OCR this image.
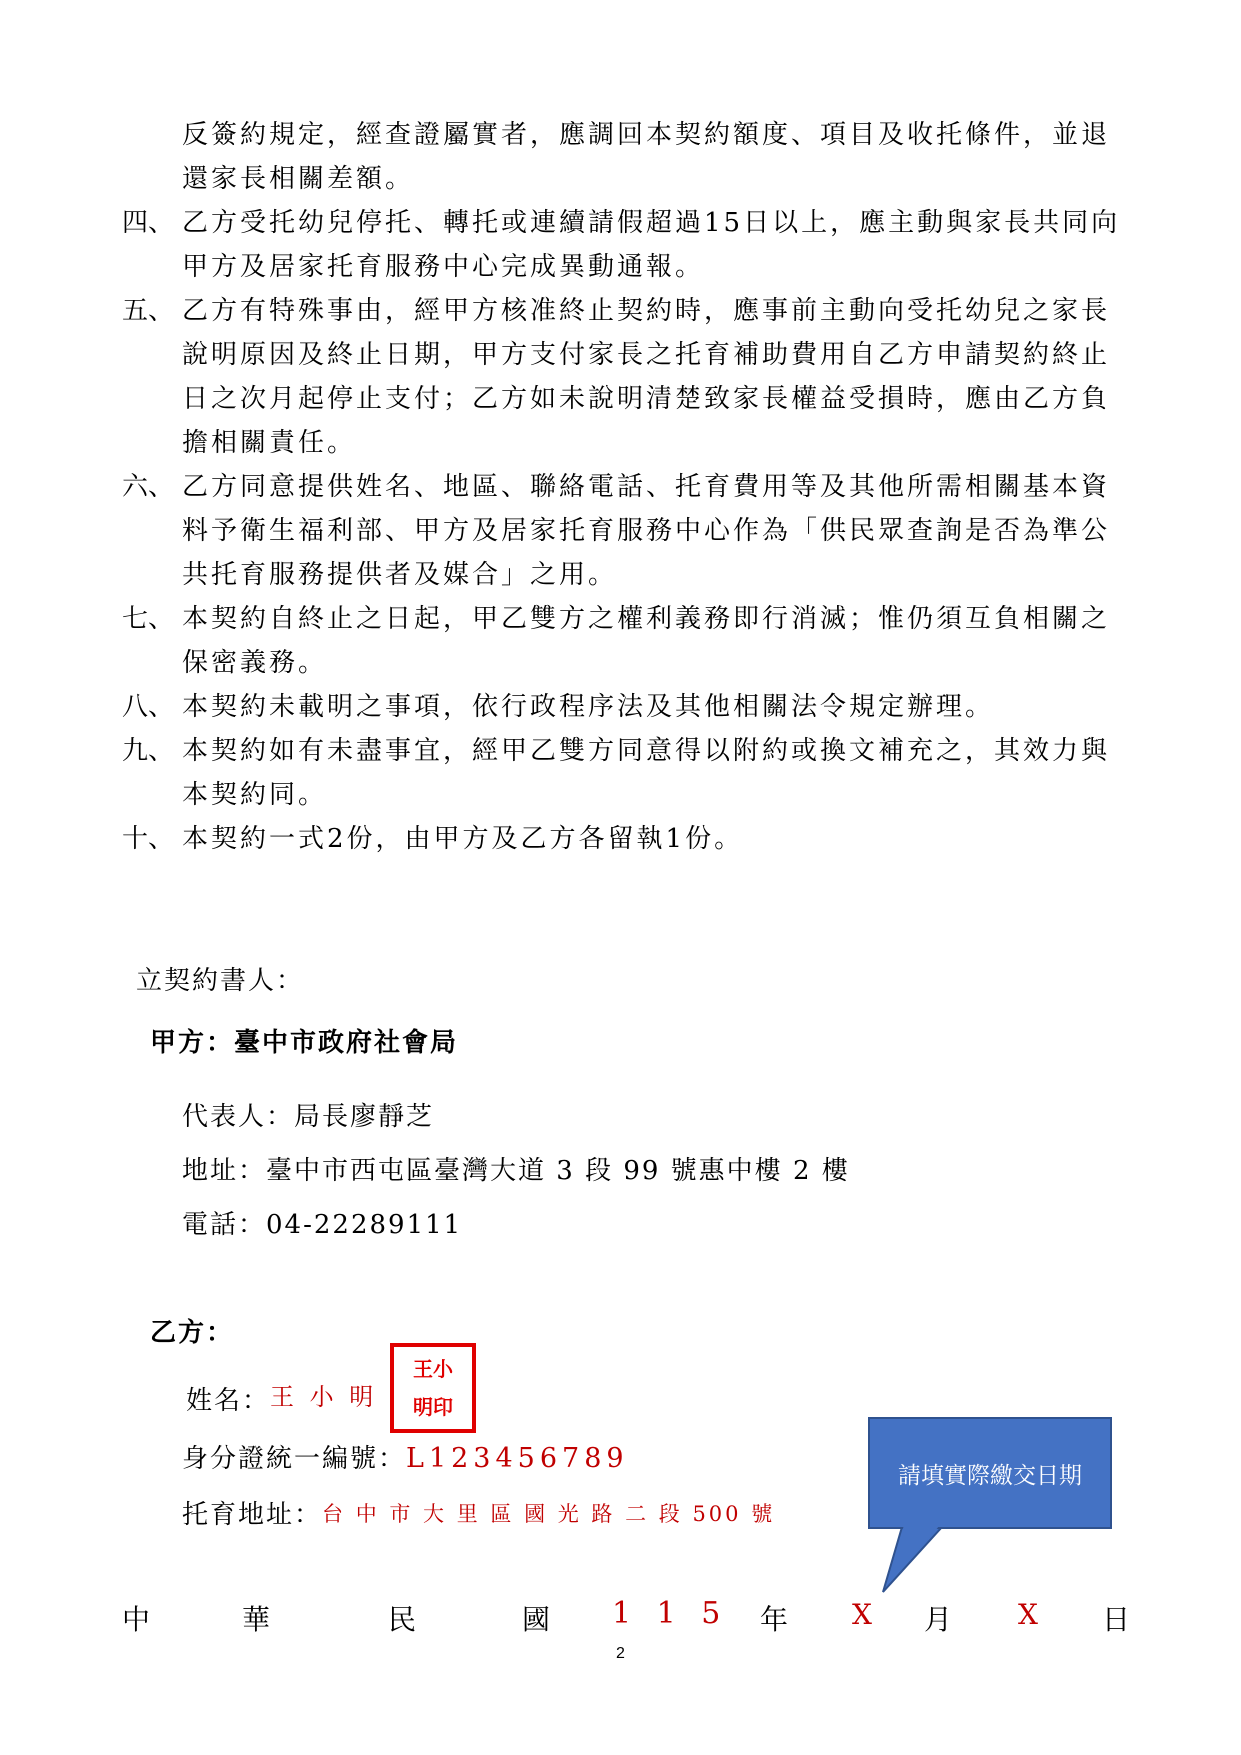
反簽約規定，經查證屬實者，應調回本契約額度、項目及收托條件，並退
還家長相關差額。
四、 乙方受托幼兒停托、轉托或連續請假超過15日以上，應主動與家長共同向
甲方及居家托育服務中心完成異動通報。
五、 乙方有特殊事由，經甲方核准終止契約時，應事前主動向受托幼兒之家長
說明原因及終止日期，甲方支付家長之托育補助費用自乙方申請契約終止
日之次月起停止支付；乙方如未說明清楚致家長權益受損時，應由乙方負
擔相關責任。
六、 乙方同意提供姓名、地區、聯絡電話、托育費用等及其他所需相關基本資
料予衛生福利部、甲方及居家托育服務中心作為「供民眾查詢是否為準公
共托育服務提供者及媒合」之用。
七、 本契約自終止之日起，甲乙雙方之權利義務即行消滅；惟仍須互負相關之
保密義務。
八、 本契約未載明之事項，依行政程序法及其他相關法令規定辦理。
九、 本契約如有未盡事宜，經甲乙雙方同意得以附約或換文補充之，其效力與
本契約同。
十、 本契約一式2份，由甲方及乙方各留執1份。
立契約書人：
甲方：臺中市政府社會局
代表人：局長廖靜芝
地址：臺中市西屯區臺灣大道 3 段 99 號惠中樓 2 樓
電話：04-22289111
乙方：
姓名：王 小 明
王小
明印
身分證統一編號：L123456789
托育地址：台 中 市 大 里 區 國 光 路 二 段 500 號
請填實際繳交日期
中	華	民	國 1 1 5 年 X 月 X 日
2
